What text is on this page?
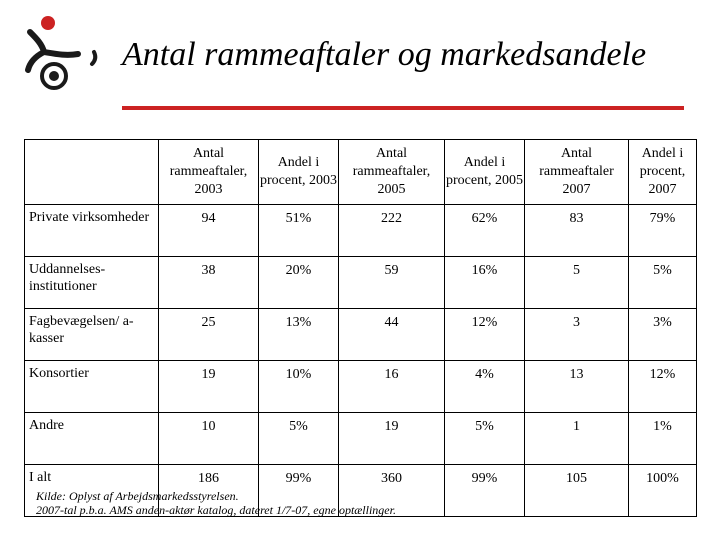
Antal rammeaftaler og markedsandele
	Antal rammeaftaler, 2003	Andel i procent, 2003	Antal rammeaftaler, 2005	Andel i procent, 2005	Antal rammeaftaler 2007	Andel i procent, 2007
Private virksomheder	94	51%	222	62%	83	79%
Uddannelses-institutioner	38	20%	59	16%	5	5%
Fagbevægelsen/ a-kasser	25	13%	44	12%	3	3%
Konsortier	19	10%	16	4%	13	12%
Andre	10	5%	19	5%	1	1%
I alt	186	99%	360	99%	105	100%
Kilde: Oplyst af Arbejdsmarkedsstyrelsen.
2007-tal p.b.a. AMS anden-aktør katalog, dateret 1/7-07, egne optællinger.
